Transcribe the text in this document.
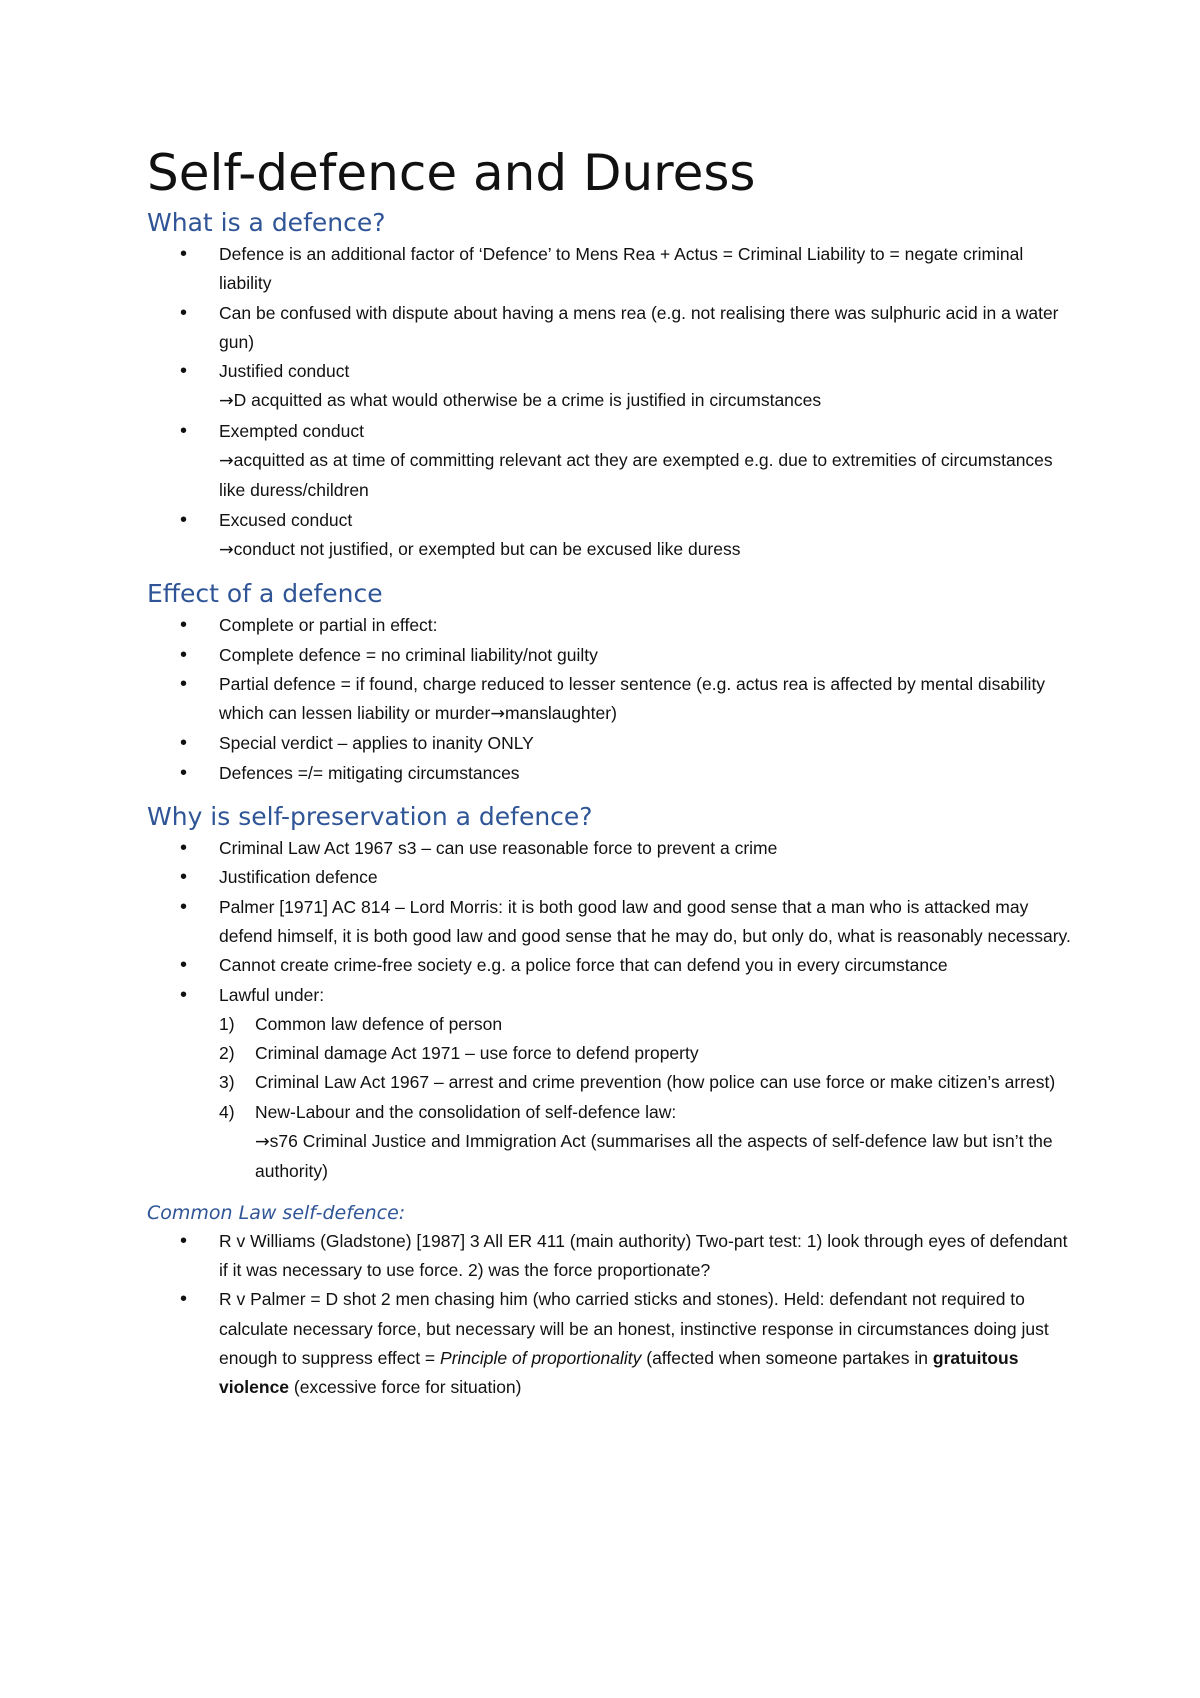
Self-defence and Duress
What is a defence?
• Defence is an additional factor of ‘Defence’ to Mens Rea + Actus = Criminal Liability to = negate criminal liability
• Can be confused with dispute about having a mens rea (e.g. not realising there was sulphuric acid in a water gun)
• Justified conduct
→D acquitted as what would otherwise be a crime is justified in circumstances
• Exempted conduct
→acquitted as at time of committing relevant act they are exempted e.g. due to extremities of circumstances like duress/children
• Excused conduct
→conduct not justified, or exempted but can be excused like duress
Effect of a defence
• Complete or partial in effect:
• Complete defence = no criminal liability/not guilty
• Partial defence = if found, charge reduced to lesser sentence (e.g. actus rea is affected by mental disability which can lessen liability or murder→manslaughter)
• Special verdict – applies to inanity ONLY
• Defences =/= mitigating circumstances
Why is self-preservation a defence?
• Criminal Law Act 1967 s3 – can use reasonable force to prevent a crime
• Justification defence
• Palmer [1971] AC 814 – Lord Morris: it is both good law and good sense that a man who is attacked may defend himself, it is both good law and good sense that he may do, but only do, what is reasonably necessary.
• Cannot create crime-free society e.g. a police force that can defend you in every circumstance
• Lawful under:
1) Common law defence of person
2) Criminal damage Act 1971 – use force to defend property
3) Criminal Law Act 1967 – arrest and crime prevention (how police can use force or make citizen’s arrest)
4) New-Labour and the consolidation of self-defence law:
→s76 Criminal Justice and Immigration Act (summarises all the aspects of self-defence law but isn’t the authority)
Common Law self-defence:
• R v Williams (Gladstone) [1987] 3 All ER 411 (main authority) Two-part test: 1) look through eyes of defendant if it was necessary to use force. 2) was the force proportionate?
• R v Palmer = D shot 2 men chasing him (who carried sticks and stones). Held: defendant not required to calculate necessary force, but necessary will be an honest, instinctive response in circumstances doing just enough to suppress effect = Principle of proportionality (affected when someone partakes in gratuitous violence (excessive force for situation)
